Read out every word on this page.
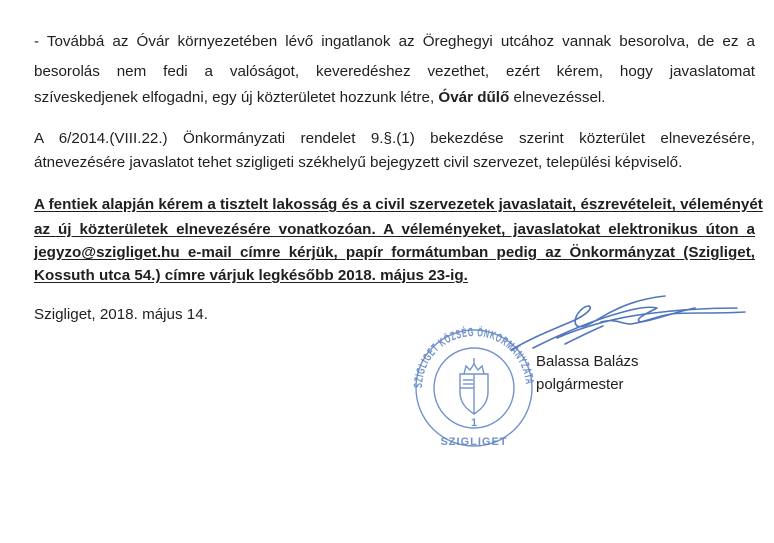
- Továbbá az Óvár környezetében lévő ingatlanok az Öreghegyi utcához vannak besorolva, de ez a
besorolás nem fedi a valóságot, keveredéshez vezethet, ezért kérem, hogy javaslatomat
szíveskedjenek elfogadni, egy új közterületet hozzunk létre, Óvár dűlő elnevezéssel.
A 6/2014.(VIII.22.) Önkormányzati rendelet 9.§.(1) bekezdése szerint közterület elnevezésére,
átnevezésére javaslatot tehet szigligeti székhelyű bejegyzett civil szervezet, települési képviselő.
A fentiek alapján kérem a tisztelt lakosság és a civil szervezetek javaslatait, észrevételeit, véleményét
az új közterületek elnevezésére vonatkozóan. A véleményeket, javaslatokat elektronikus úton a
jegyzo@szigliget.hu e-mail címre kérjük, papír formátumban pedig az Önkormányzat (Szigliget,
Kossuth utca 54.) címre várjuk legkésőbb 2018. május 23-ig.
Szigliget, 2018. május 14.
SZIGLIGET KÖZSÉG ÖNKORMÁNYZATA
1
SZIGLIGET
Balassa Balázs
polgármester
